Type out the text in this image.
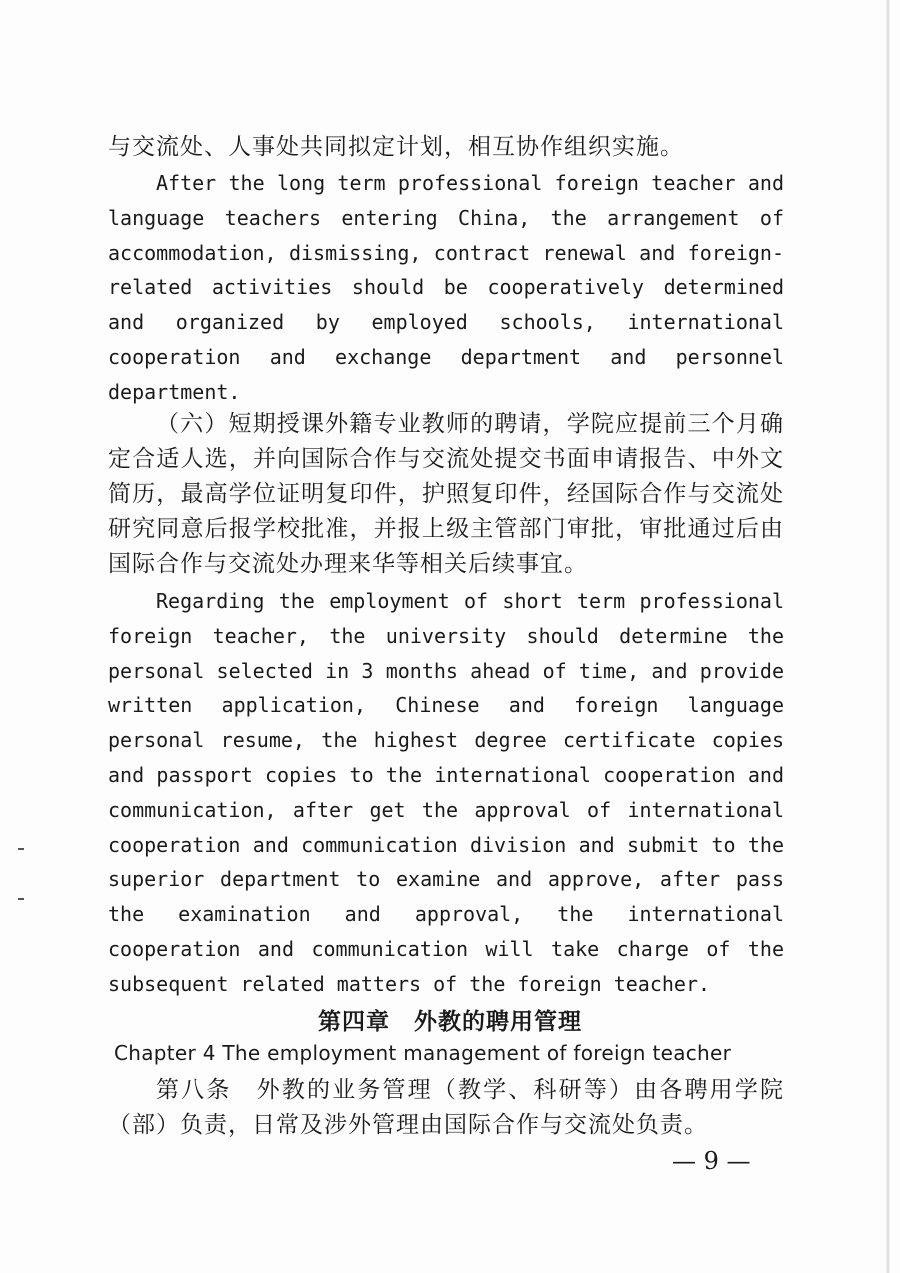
与交流处、人事处共同拟定计划，相互协作组织实施。

After the long term professional foreign teacher and language teachers entering China, the arrangement of accommodation, dismissing, contract renewal and foreign-related activities should be cooperatively determined and organized by employed schools, international cooperation and exchange department and personnel department.

（六）短期授课外籍专业教师的聘请，学院应提前三个月确定合适人选，并向国际合作与交流处提交书面申请报告、中外文简历，最高学位证明复印件，护照复印件，经国际合作与交流处研究同意后报学校批准，并报上级主管部门审批，审批通过后由国际合作与交流处办理来华等相关后续事宜。

Regarding the employment of short term professional foreign teacher, the university should determine the personal selected in 3 months ahead of time, and provide written application, Chinese and foreign language personal resume, the highest degree certificate copies and passport copies to the international cooperation and communication, after get the approval of international cooperation and communication division and submit to the superior department to examine and approve, after pass the examination and approval, the international cooperation and communication will take charge of the subsequent related matters of the foreign teacher.

第四章　外教的聘用管理
Chapter 4 The employment management of foreign teacher

第八条　外教的业务管理（教学、科研等）由各聘用学院（部）负责，日常及涉外管理由国际合作与交流处负责。

— 9 —
